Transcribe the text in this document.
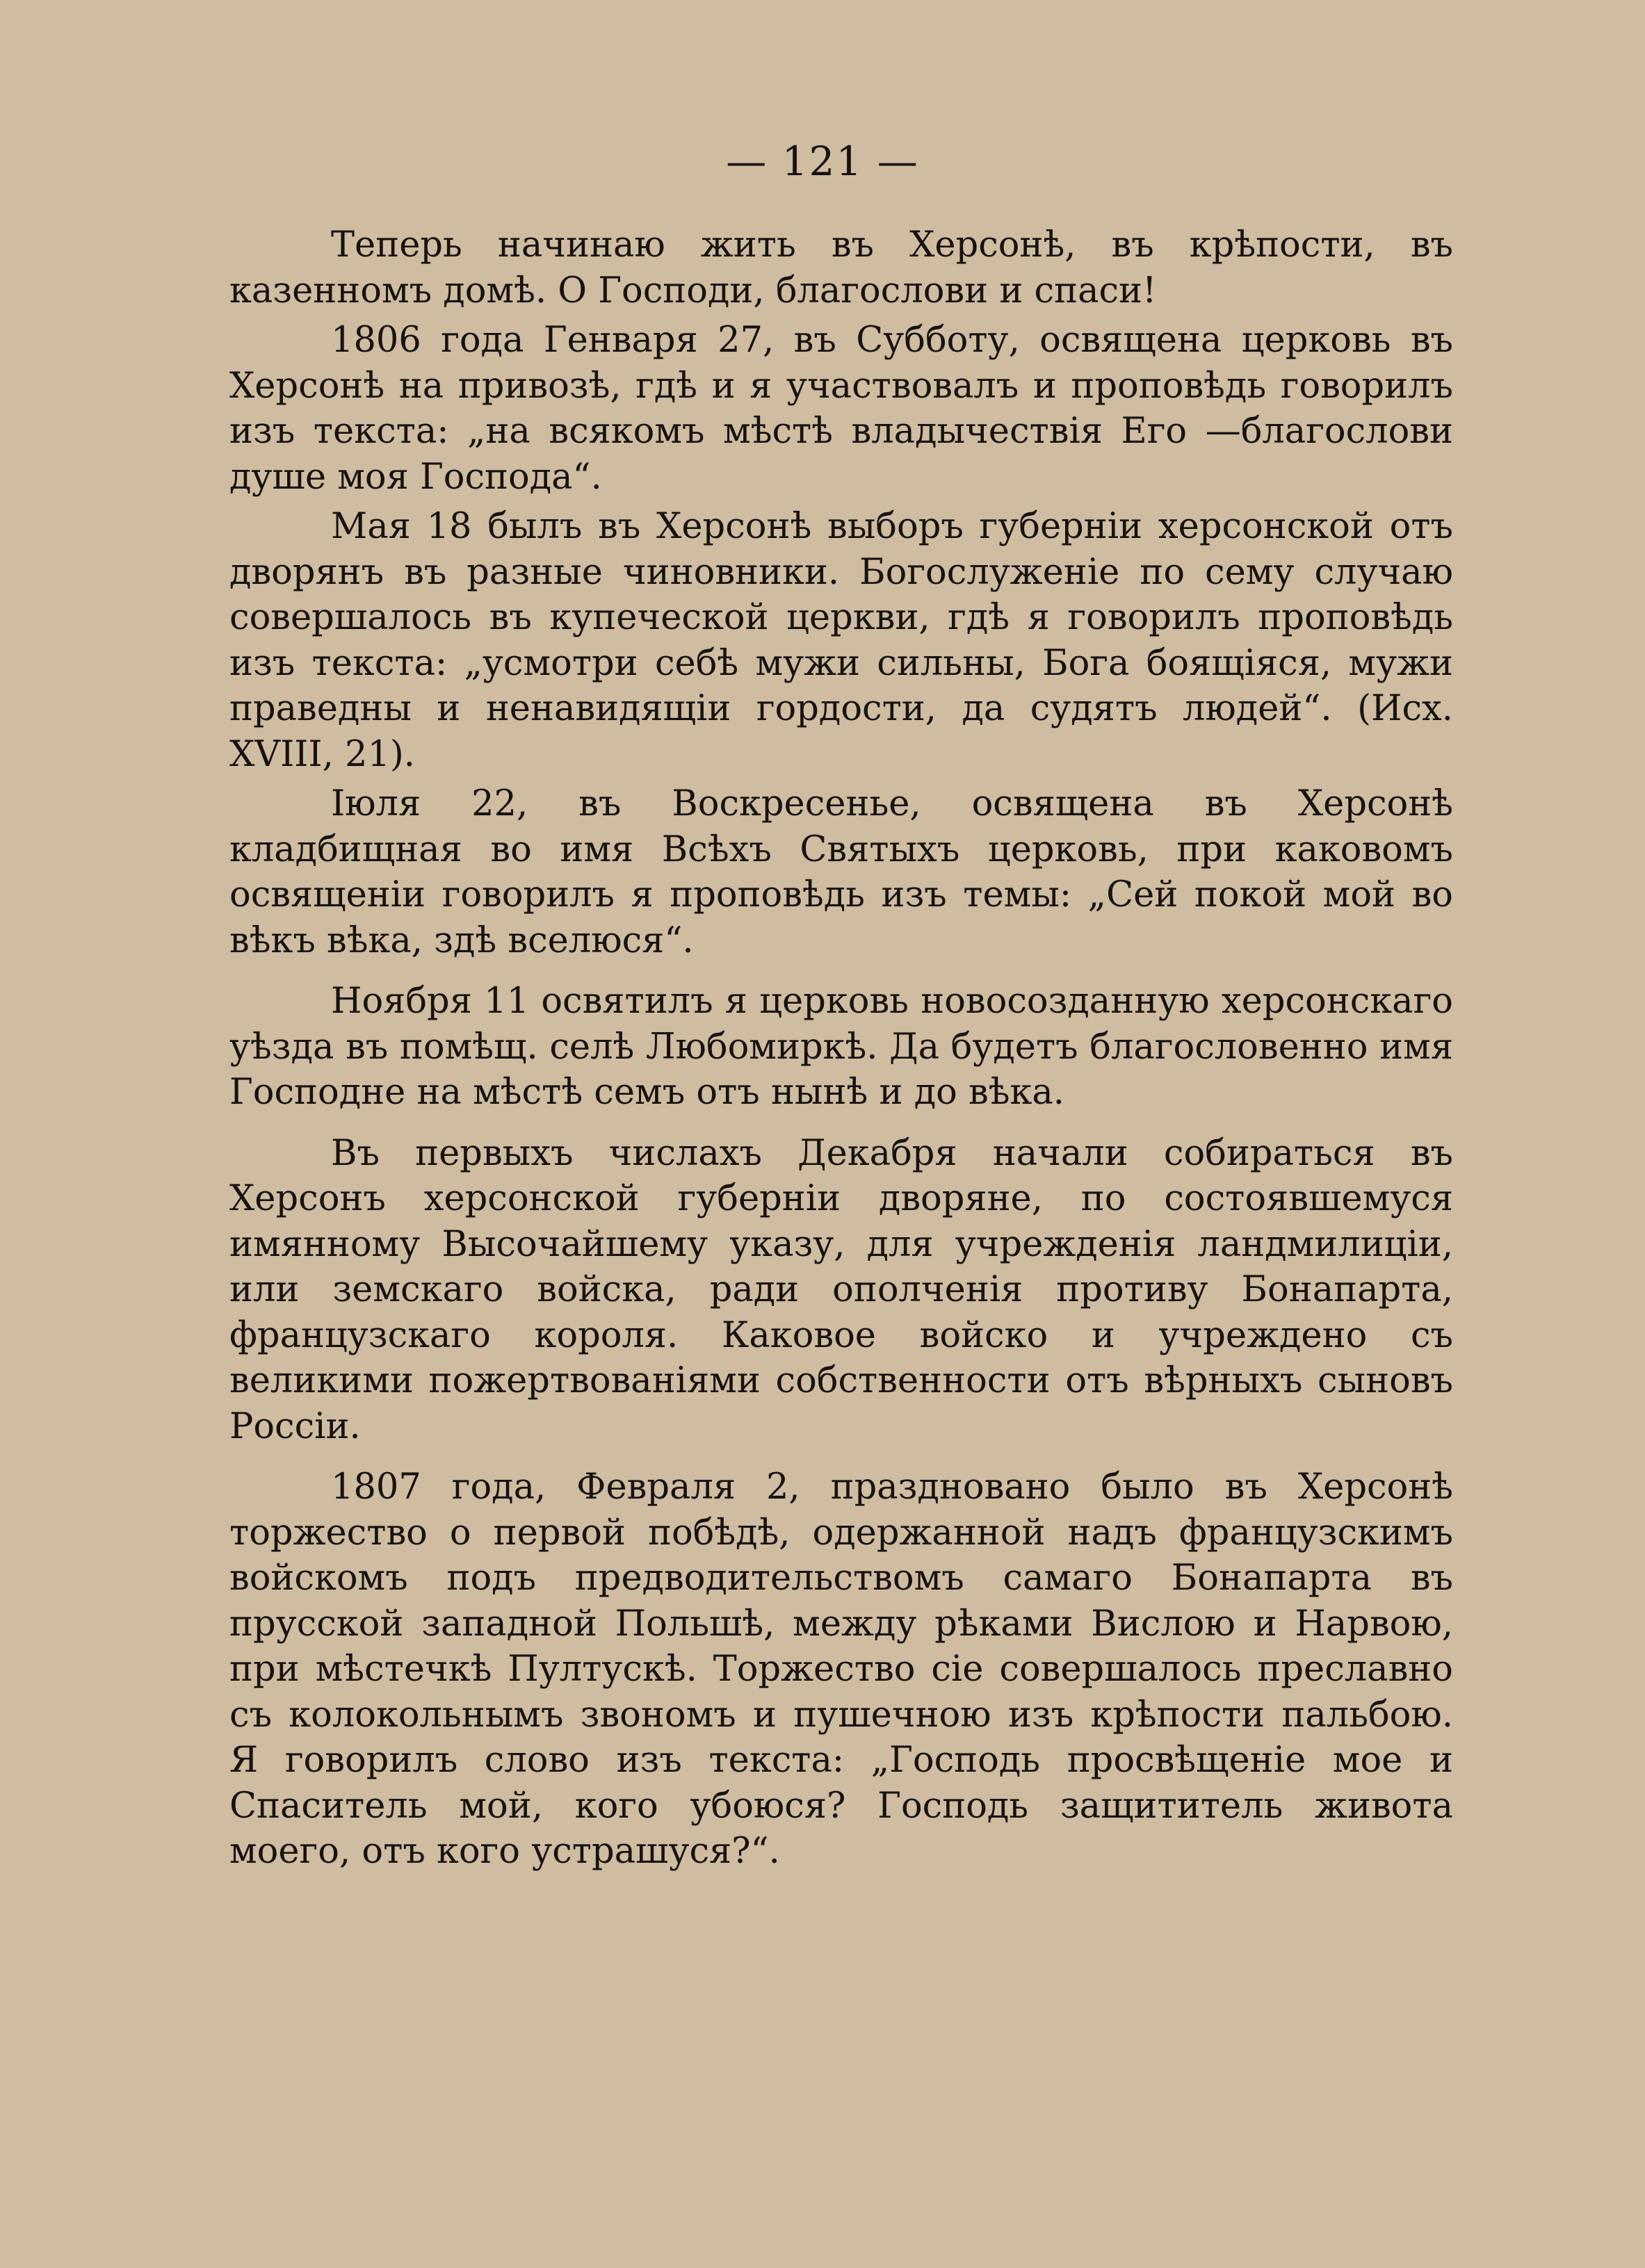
— 121 —

Теперь начинаю жить въ Херсонѣ, въ крѣпости, въ казенномъ домѣ. О Господи, благослови и спаси!

1806 года Генваря 27, въ Субботу, освящена церковь въ Херсонѣ на привозѣ, гдѣ и я участвовалъ и проповѣдь говорилъ изъ текста: „на всякомъ мѣстѣ владычествія Его —благослови душе моя Господа“.

Мая 18 былъ въ Херсонѣ выборъ губерніи херсонской отъ дворянъ въ разные чиновники. Богослуженіе по сему случаю совершалось въ купеческой церкви, гдѣ я говорилъ проповѣдь изъ текста: „усмотри себѣ мужи сильны, Бога боящіяся, мужи праведны и ненавидящіи гордости, да судятъ людей“. (Исх. XVIII, 21).

Іюля 22, въ Воскресенье, освящена въ Херсонѣ кладбищная во имя Всѣхъ Святыхъ церковь, при каковомъ освященіи говорилъ я проповѣдь изъ темы: „Сей покой мой во вѣкъ вѣка, здѣ вселюся“.

Ноября 11 освятилъ я церковь новосозданную херсонскаго уѣзда въ помѣщ. селѣ Любомиркѣ. Да будетъ благословенно имя Господне на мѣстѣ семъ отъ нынѣ и до вѣка.

Въ первыхъ числахъ Декабря начали собираться въ Херсонъ херсонской губерніи дворяне, по состоявшемуся имянному Высочайшему указу, для учрежденія ландмилиціи, или земскаго войска, ради ополченія противу Бонапарта, французскаго короля. Каковое войско и учреждено съ великими пожертвованіями собственности отъ вѣрныхъ сыновъ Россіи.

1807 года, Февраля 2, праздновано было въ Херсонѣ торжество о первой побѣдѣ, одержанной надъ французскимъ войскомъ подъ предводительствомъ самаго Бонапарта въ прусской западной Польшѣ, между рѣками Вислою и Нарвою, при мѣстечкѣ Пултускѣ. Торжество сіе совершалось преславно съ колокольнымъ звономъ и пушечною изъ крѣпости пальбою. Я говорилъ слово изъ текста: „Господь просвѣщеніе мое и Спаситель мой, кого убоюся? Господь защититель живота моего, отъ кого устрашуся?“.
